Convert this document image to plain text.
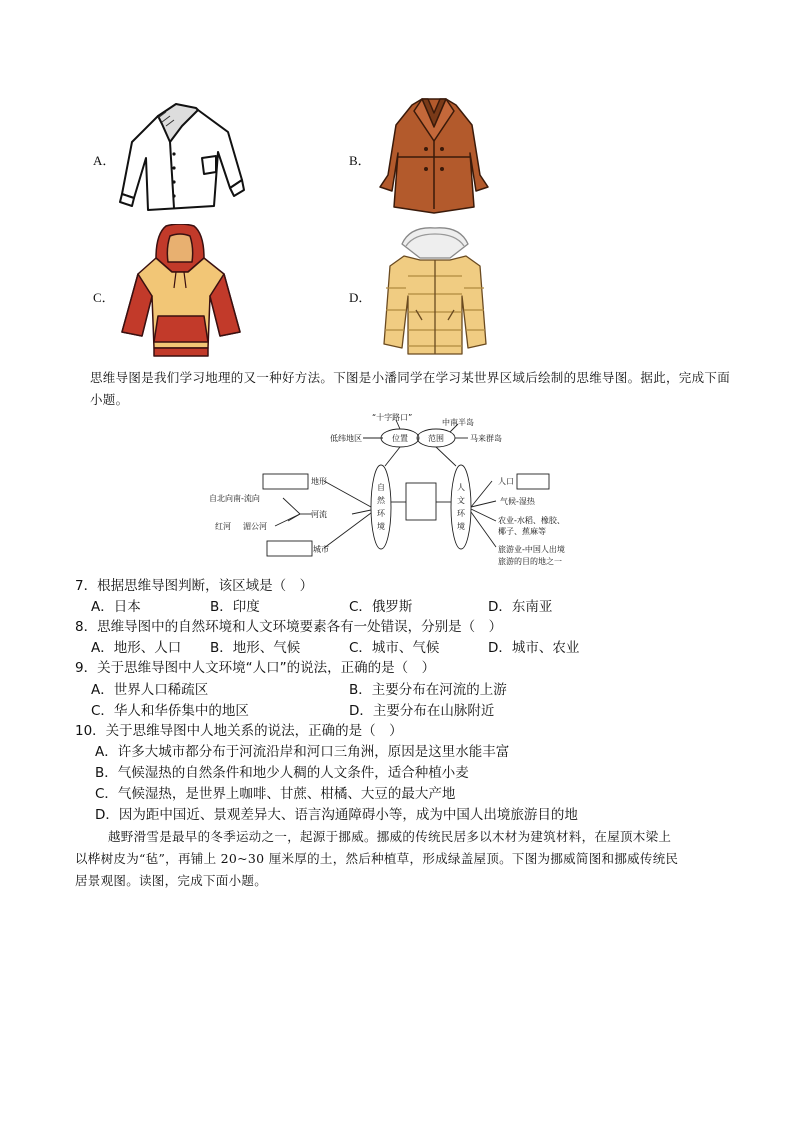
A．	B．
C．	D．
思维导图是我们学习地理的又一种好方法。下图是小潘同学在学习某世界区域后绘制的思维导图。据此，完成下面小题。
“十字路口”
低纬地区	位置	范围
中南半岛
马来群岛
自
然
环
境
人
文
环
境
地形
河流
城市
自北向南-流向
红河 湄公河
人口
气候-湿热
农业-水稻、橡胶、
椰子、蕉麻等
旅游业-中国人出境
旅游的目的地之一
7．根据思维导图判断，该区域是（　）
A．日本	B．印度	C．俄罗斯	D．东南亚
8．思维导图中的自然环境和人文环境要素各有一处错误，分别是（　）
A．地形、人口 B．地形、气候	C．城市、气候	D．城市、农业
9．关于思维导图中人文环境“人口”的说法，正确的是（　）
A．世界人口稀疏区	B．主要分布在河流的上游
C．华人和华侨集中的地区	D．主要分布在山脉附近
10．关于思维导图中人地关系的说法，正确的是（　）
A．许多大城市都分布于河流沿岸和河口三角洲，原因是这里水能丰富
B．气候湿热的自然条件和地少人稠的人文条件，适合种植小麦
C．气候湿热，是世界上咖啡、甘蔗、柑橘、大豆的最大产地
D．因为距中国近、景观差异大、语言沟通障碍小等，成为中国人出境旅游目的地
越野滑雪是最早的冬季运动之一，起源于挪威。挪威的传统民居多以木材为建筑材料，在屋顶木梁上
以桦树皮为“毡”，再铺上 20~30 厘米厚的土，然后种植草，形成绿盖屋顶。下图为挪威简图和挪威传统民
居景观图。读图，完成下面小题。
